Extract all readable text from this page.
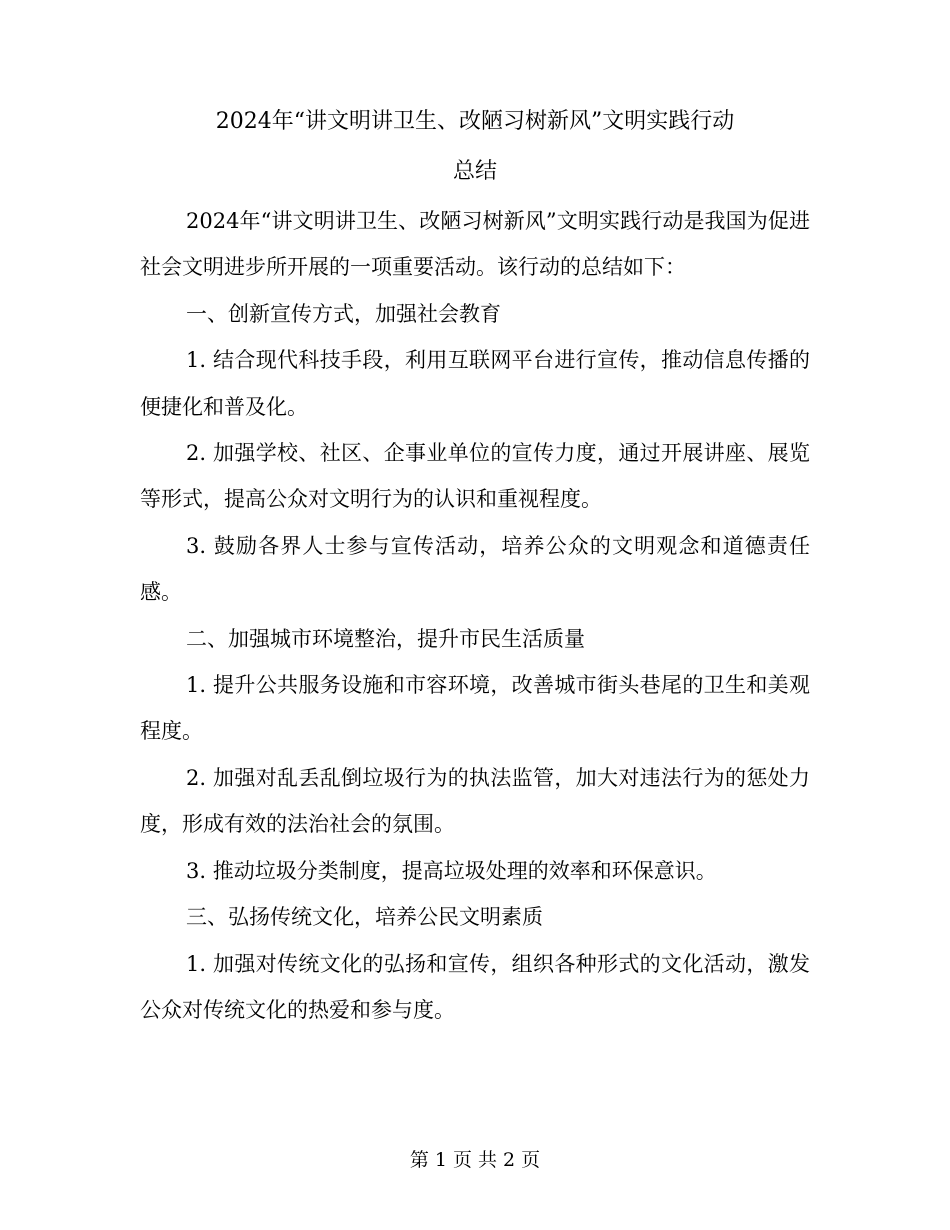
2024年“讲文明讲卫生、改陋习树新风”文明实践行动
总结

2024年“讲文明讲卫生、改陋习树新风”文明实践行动是我国为促进社会文明进步所开展的一项重要活动。该行动的总结如下：

一、创新宣传方式，加强社会教育

1. 结合现代科技手段，利用互联网平台进行宣传，推动信息传播的便捷化和普及化。

2. 加强学校、社区、企事业单位的宣传力度，通过开展讲座、展览等形式，提高公众对文明行为的认识和重视程度。

3. 鼓励各界人士参与宣传活动，培养公众的文明观念和道德责任感。

二、加强城市环境整治，提升市民生活质量

1. 提升公共服务设施和市容环境，改善城市街头巷尾的卫生和美观程度。

2. 加强对乱丢乱倒垃圾行为的执法监管，加大对违法行为的惩处力度，形成有效的法治社会的氛围。

3. 推动垃圾分类制度，提高垃圾处理的效率和环保意识。

三、弘扬传统文化，培养公民文明素质

1. 加强对传统文化的弘扬和宣传，组织各种形式的文化活动，激发公众对传统文化的热爱和参与度。

第 1 页 共 2 页
